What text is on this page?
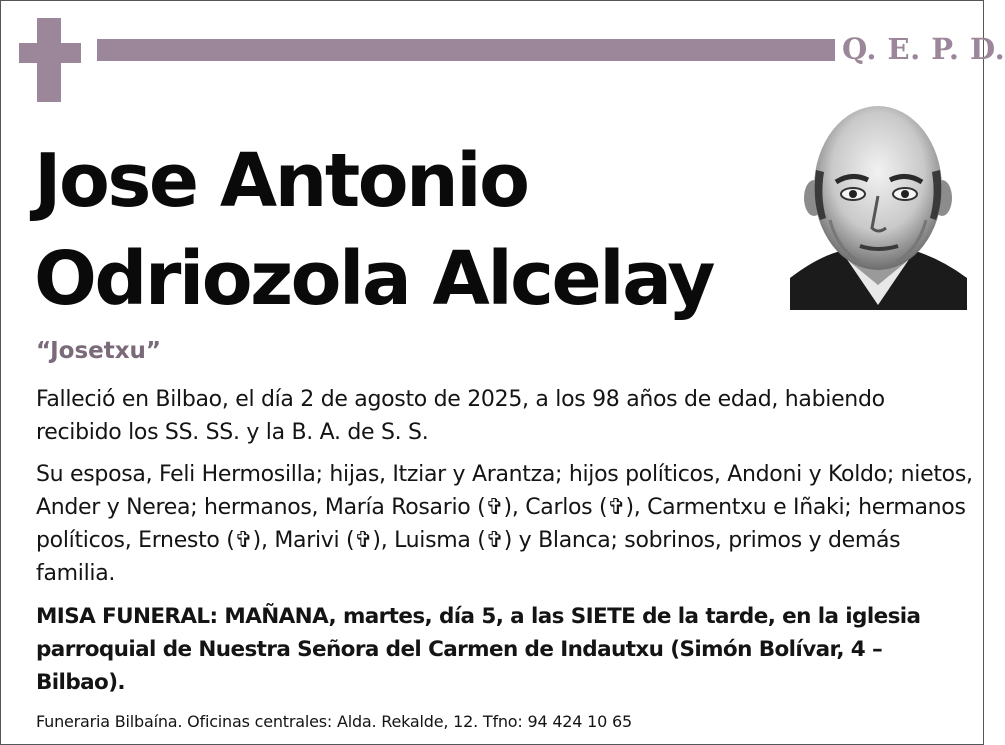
Q. E. P. D.
Jose Antonio
Odriozola Alcelay
“Josetxu”

Falleció en Bilbao, el día 2 de agosto de 2025, a los 98 años de edad, habiendo recibido los SS. SS. y la B. A. de S. S.

Su esposa, Feli Hermosilla; hijas, Itziar y Arantza; hijos políticos, Andoni y Koldo; nietos, Ander y Nerea; hermanos, María Rosario (✞), Carlos (✞), Carmentxu e Iñaki; hermanos políticos, Ernesto (✞), Marivi (✞), Luisma (✞) y Blanca; sobrinos, primos y demás familia.

MISA FUNERAL: MAÑANA, martes, día 5, a las SIETE de la tarde, en la iglesia parroquial de Nuestra Señora del Carmen de Indautxu (Simón Bolívar, 4 – Bilbao).

Funeraria Bilbaína. Oficinas centrales: Alda. Rekalde, 12. Tfno: 94 424 10 65
